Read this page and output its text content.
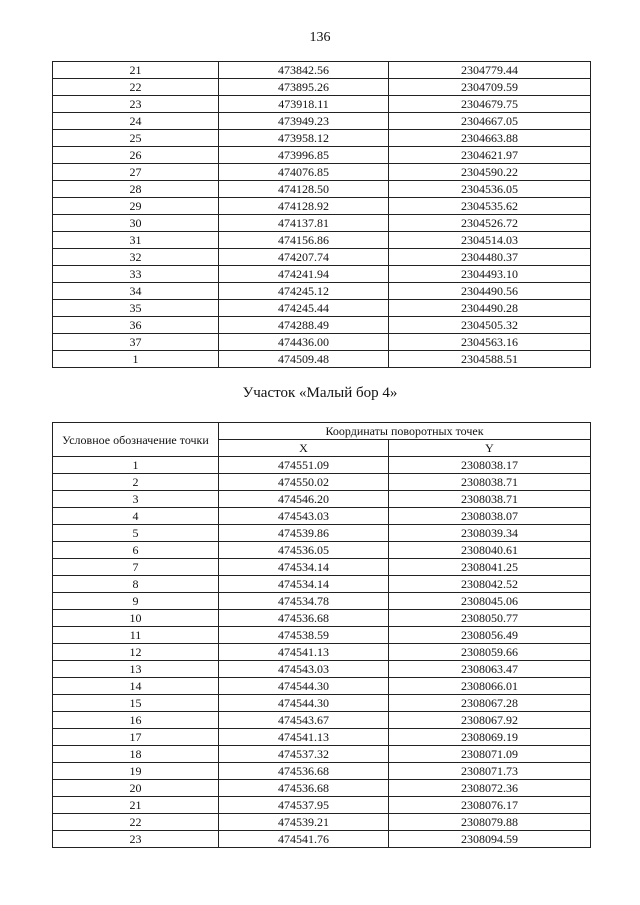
136
21	473842.56	2304779.44
22	473895.26	2304709.59
23	473918.11	2304679.75
24	473949.23	2304667.05
25	473958.12	2304663.88
26	473996.85	2304621.97
27	474076.85	2304590.22
28	474128.50	2304536.05
29	474128.92	2304535.62
30	474137.81	2304526.72
31	474156.86	2304514.03
32	474207.74	2304480.37
33	474241.94	2304493.10
34	474245.12	2304490.56
35	474245.44	2304490.28
36	474288.49	2304505.32
37	474436.00	2304563.16
1	474509.48	2304588.51
Участок «Малый бор 4»
Условное обозначение точки	Координаты поворотных точек	
	X	Y
1	474551.09	2308038.17
2	474550.02	2308038.71
3	474546.20	2308038.71
4	474543.03	2308038.07
5	474539.86	2308039.34
6	474536.05	2308040.61
7	474534.14	2308041.25
8	474534.14	2308042.52
9	474534.78	2308045.06
10	474536.68	2308050.77
11	474538.59	2308056.49
12	474541.13	2308059.66
13	474543.03	2308063.47
14	474544.30	2308066.01
15	474544.30	2308067.28
16	474543.67	2308067.92
17	474541.13	2308069.19
18	474537.32	2308071.09
19	474536.68	2308071.73
20	474536.68	2308072.36
21	474537.95	2308076.17
22	474539.21	2308079.88
23	474541.76	2308094.59
